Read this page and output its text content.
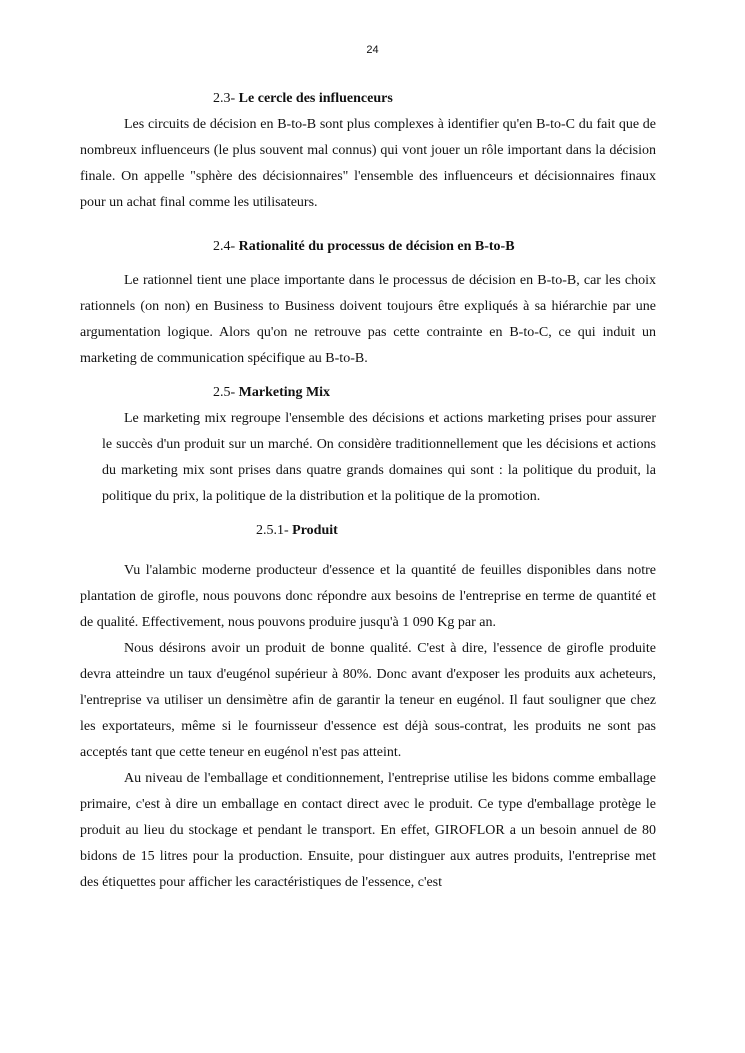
24
2.3- Le cercle des influenceurs

Les circuits de décision en B-to-B sont plus complexes à identifier qu'en B-to-C du fait que de nombreux influenceurs (le plus souvent mal connus) qui vont jouer un rôle important dans la décision finale. On appelle "sphère des décisionnaires" l'ensemble des influenceurs et décisionnaires finaux pour un achat final comme les utilisateurs.

2.4- Rationalité du processus de décision en B-to-B

Le rationnel tient une place importante dans le processus de décision en B-to-B, car les choix rationnels (on non) en Business to Business doivent toujours être expliqués à sa hiérarchie par une argumentation logique. Alors qu'on ne retrouve pas cette contrainte en B-to-C, ce qui induit un marketing de communication spécifique au B-to-B.

2.5- Marketing Mix

Le marketing mix regroupe l'ensemble des décisions et actions marketing prises pour assurer le succès d'un produit sur un marché. On considère traditionnellement que les décisions et actions du marketing mix sont prises dans quatre grands domaines qui sont : la politique du produit, la politique du prix, la politique de la distribution et la politique de la promotion.

2.5.1- Produit

Vu l'alambic moderne producteur d'essence et la quantité de feuilles disponibles dans notre plantation de girofle, nous pouvons donc répondre aux besoins de l'entreprise en terme de quantité et de qualité. Effectivement, nous pouvons produire jusqu'à 1 090 Kg par an.

Nous désirons avoir un produit de bonne qualité. C'est à dire, l'essence de girofle produite devra atteindre un taux d'eugénol supérieur à 80%. Donc avant d'exposer les produits aux acheteurs, l'entreprise va utiliser un densimètre afin de garantir la teneur en eugénol. Il faut souligner que chez les exportateurs, même si le fournisseur d'essence est déjà sous-contrat, les produits ne sont pas acceptés tant que cette teneur en eugénol n'est pas atteint.

Au niveau de l'emballage et conditionnement, l'entreprise utilise les bidons comme emballage primaire, c'est à dire un emballage en contact direct avec le produit. Ce type d'emballage protège le produit au lieu du stockage et pendant le transport. En effet, GIROFLOR a un besoin annuel de 80 bidons de 15 litres pour la production. Ensuite, pour distinguer aux autres produits, l'entreprise met des étiquettes pour afficher les caractéristiques de l'essence, c'est
